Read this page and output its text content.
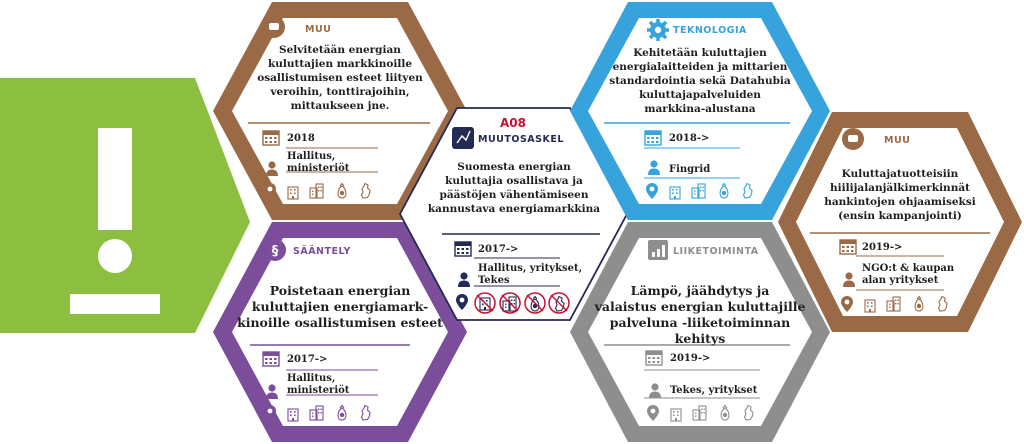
§
MUU
Selvitetään energian
kuluttajien markkinoille
osallistumisen esteet liityen
veroihin, tonttirajoihin,
mittaukseen jne.
2018
Hallitus,
ministeriöt
SÄÄNTELY
Poistetaan energian
kuluttajien energiamark-
kinoille osallistumisen esteet
2017->
Hallitus,
ministeriöt
A08
MUUTOSASKEL
Suomesta energian
kuluttajia osallistava ja
päästöjen vähentämiseen
kannustava energiamarkkina
2017->
Hallitus, yritykset,
Tekes
TEKNOLOGIA
Kehitetään kuluttajien
energialaitteiden ja mittarien
standardointia sekä Datahubia
kuluttajapalveluiden
markkina-alustana
2018->
Fingrid
LIIKETOIMINTA
Lämpö, jäähdytys ja
valaistus energian kuluttajille
palveluna -liiketoiminnan kehitys
2019->
Tekes, yritykset
MUU
Kuluttajatuotteisiin
hiilijalanjälkimerkinnät
hankintojen ohjaamiseksi
(ensin kampanjointi)
2019->
NGO:t & kaupan
alan yritykset
